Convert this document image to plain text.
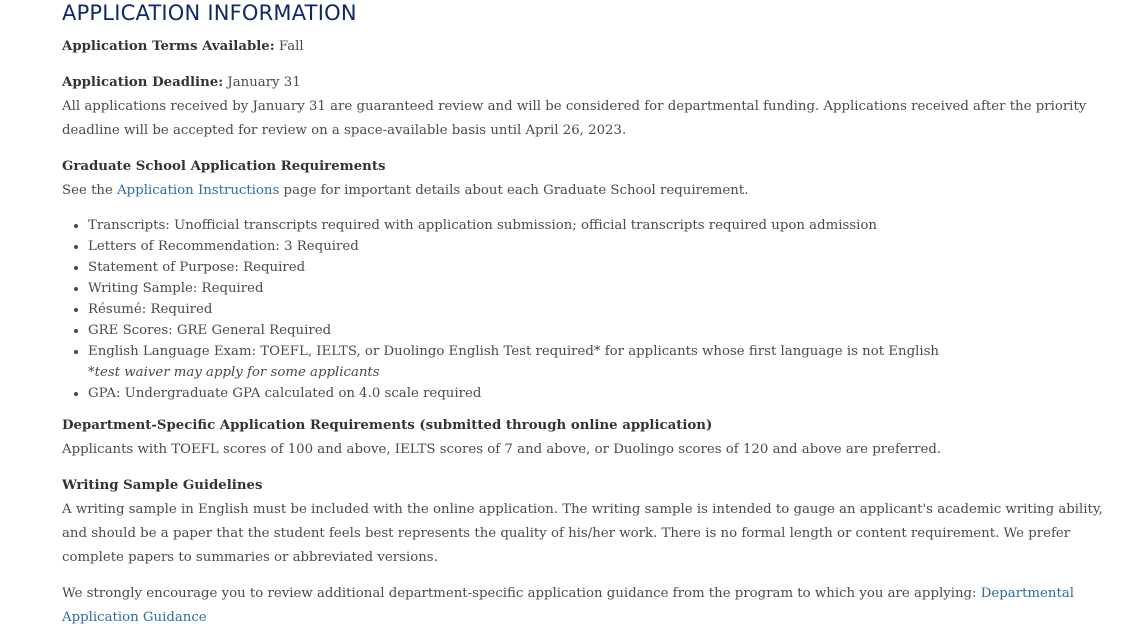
APPLICATION INFORMATION

Application Terms Available: Fall

Application Deadline: January 31
All applications received by January 31 are guaranteed review and will be considered for departmental funding. Applications received after the priority deadline will be accepted for review on a space-available basis until April 26, 2023.

Graduate School Application Requirements
See the Application Instructions page for important details about each Graduate School requirement.

• Transcripts: Unofficial transcripts required with application submission; official transcripts required upon admission
• Letters of Recommendation: 3 Required
• Statement of Purpose: Required
• Writing Sample: Required
• Résumé: Required
• GRE Scores: GRE General Required
• English Language Exam: TOEFL, IELTS, or Duolingo English Test required* for applicants whose first language is not English
*test waiver may apply for some applicants
• GPA: Undergraduate GPA calculated on 4.0 scale required

Department-Specific Application Requirements (submitted through online application)
Applicants with TOEFL scores of 100 and above, IELTS scores of 7 and above, or Duolingo scores of 120 and above are preferred.

Writing Sample Guidelines
A writing sample in English must be included with the online application. The writing sample is intended to gauge an applicant's academic writing ability, and should be a paper that the student feels best represents the quality of his/her work. There is no formal length or content requirement. We prefer complete papers to summaries or abbreviated versions.

We strongly encourage you to review additional department-specific application guidance from the program to which you are applying: Departmental Application Guidance
